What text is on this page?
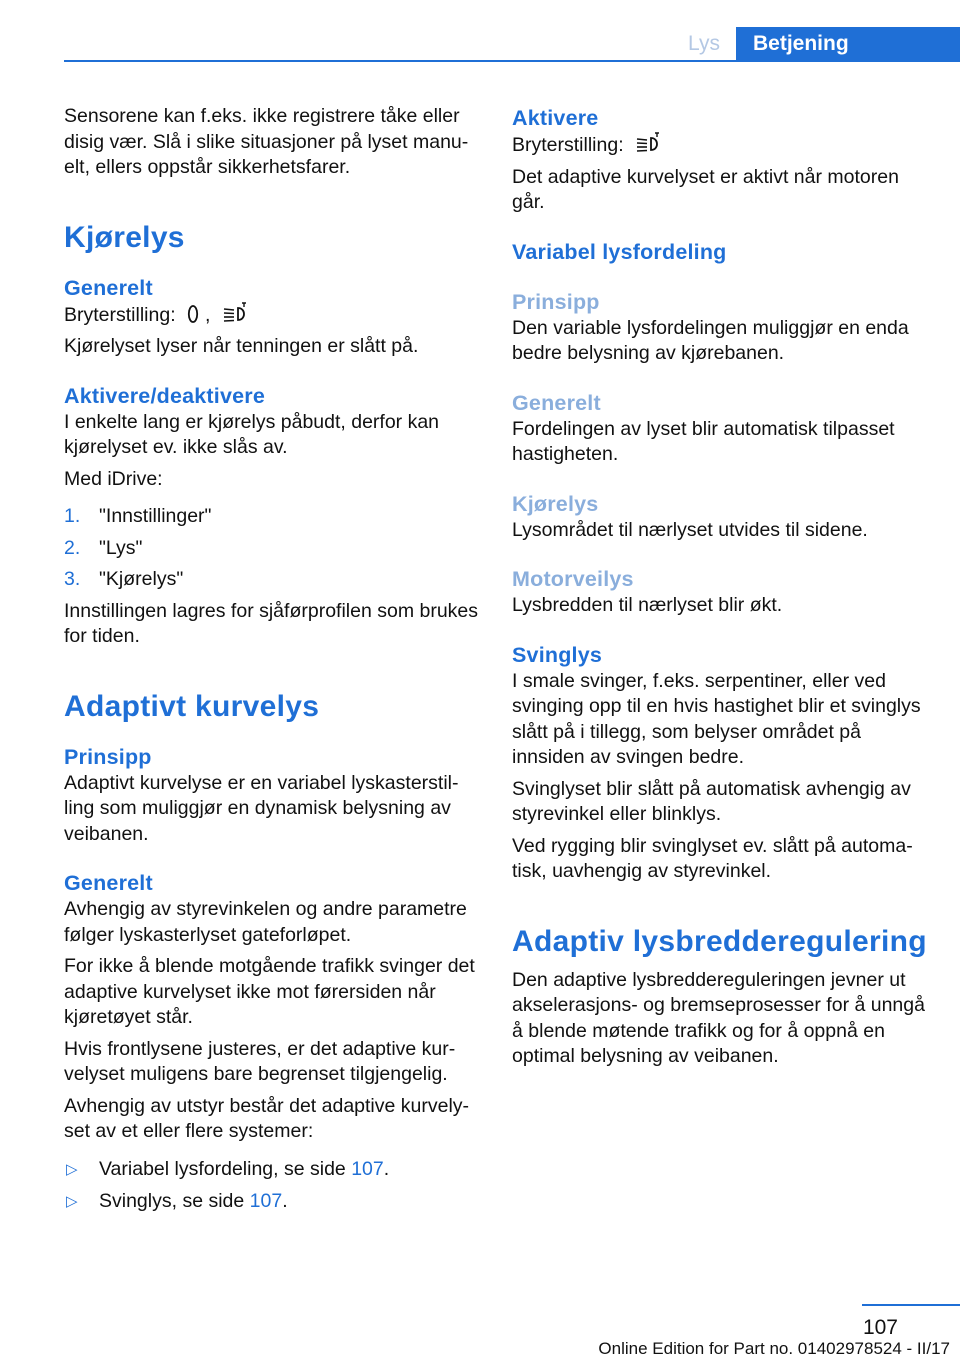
Lys	Betjening

Sensorene kan f.eks. ikke registrere tåke eller disig vær. Slå i slike situasjoner på lyset manuelt, ellers oppstår sikkerhetsfarer.

Kjørelys
Generelt

Bryterstilling: ,

Kjørelyset lyser når tenningen er slått på.

Aktivere/deaktivere

I enkelte lang er kjørelys påbudt, derfor kan kjørelyset ev. ikke slås av.

Med iDrive:

1. "Innstillinger"
2. "Lys"
3. "Kjørelys"

Innstillingen lagres for sjåførprofilen som brukes for tiden.

Adaptivt kurvelys
Prinsipp

Adaptivt kurvelyse er en variabel lyskasterstilling som muliggjør en dynamisk belysning av veibanen.

Generelt

Avhengig av styrevinkelen og andre parametre følger lyskasterlyset gateforløpet.

For ikke å blende motgående trafikk svinger det adaptive kurvelyset ikke mot førersiden når kjøretøyet står.

Hvis frontlysene justeres, er det adaptive kurvelyset muligens bare begrenset tilgjengelig.

Avhengig av utstyr består det adaptive kurvelyset av et eller flere systemer:

▷ Variabel lysfordeling, se side 107.
▷ Svinglys, se side 107.
Aktivere

Bryterstilling:

Det adaptive kurvelyset er aktivt når motoren går.

Variabel lysfordeling
Prinsipp

Den variable lysfordelingen muliggjør en enda bedre belysning av kjørebanen.

Generelt

Fordelingen av lyset blir automatisk tilpasset hastigheten.

Kjørelys

Lysområdet til nærlyset utvides til sidene.

Motorveilys

Lysbredden til nærlyset blir økt.

Svinglys

I smale svinger, f.eks. serpentiner, eller ved svinging opp til en hvis hastighet blir et svinglys slått på i tillegg, som belyser området på innsiden av svingen bedre.

Svinglyset blir slått på automatisk avhengig av styrevinkel eller blinklys.

Ved rygging blir svinglyset ev. slått på automatisk, uavhengig av styrevinkel.

Adaptiv lysbredderegulering

Den adaptive lysbreddereguleringen jevner ut akselerasjons- og bremseprosesser for å unngå å blende møtende trafikk og for å oppnå en optimal belysning av veibanen.

107
Online Edition for Part no. 01402978524 - II/17
